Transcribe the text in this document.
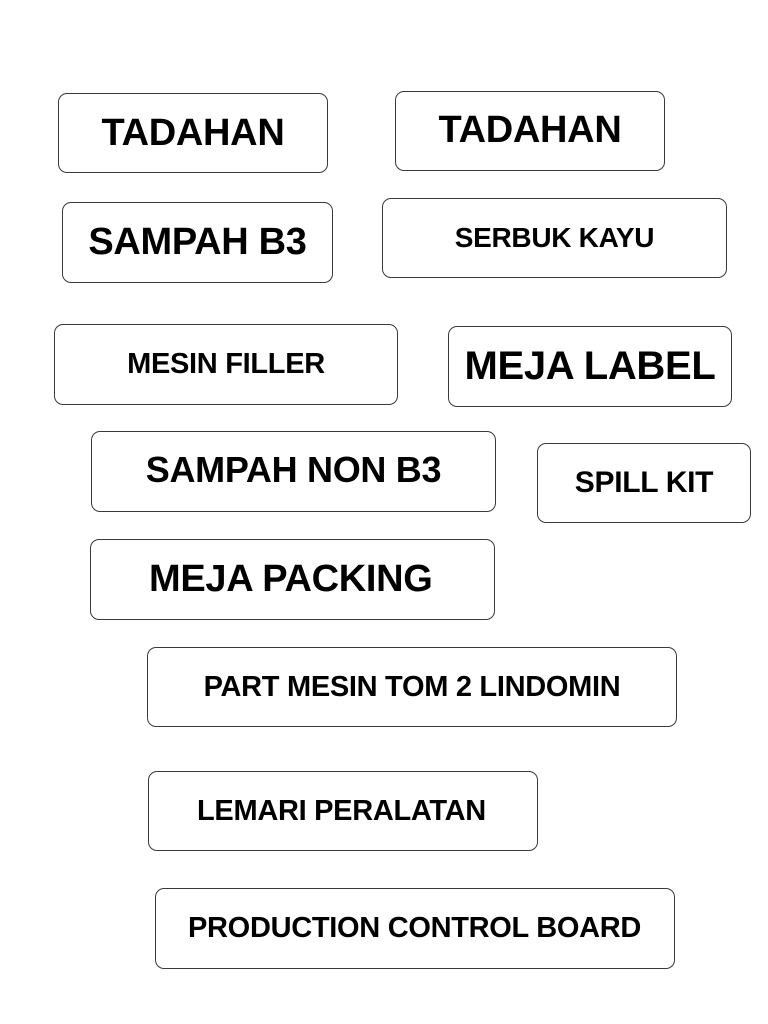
TADAHAN	TADAHAN
SAMPAH B3	SERBUK KAYU
MESIN FILLER	MEJA LABEL
SAMPAH NON B3	SPILL KIT
MEJA PACKING
PART MESIN TOM 2 LINDOMIN
LEMARI PERALATAN
PRODUCTION CONTROL BOARD
